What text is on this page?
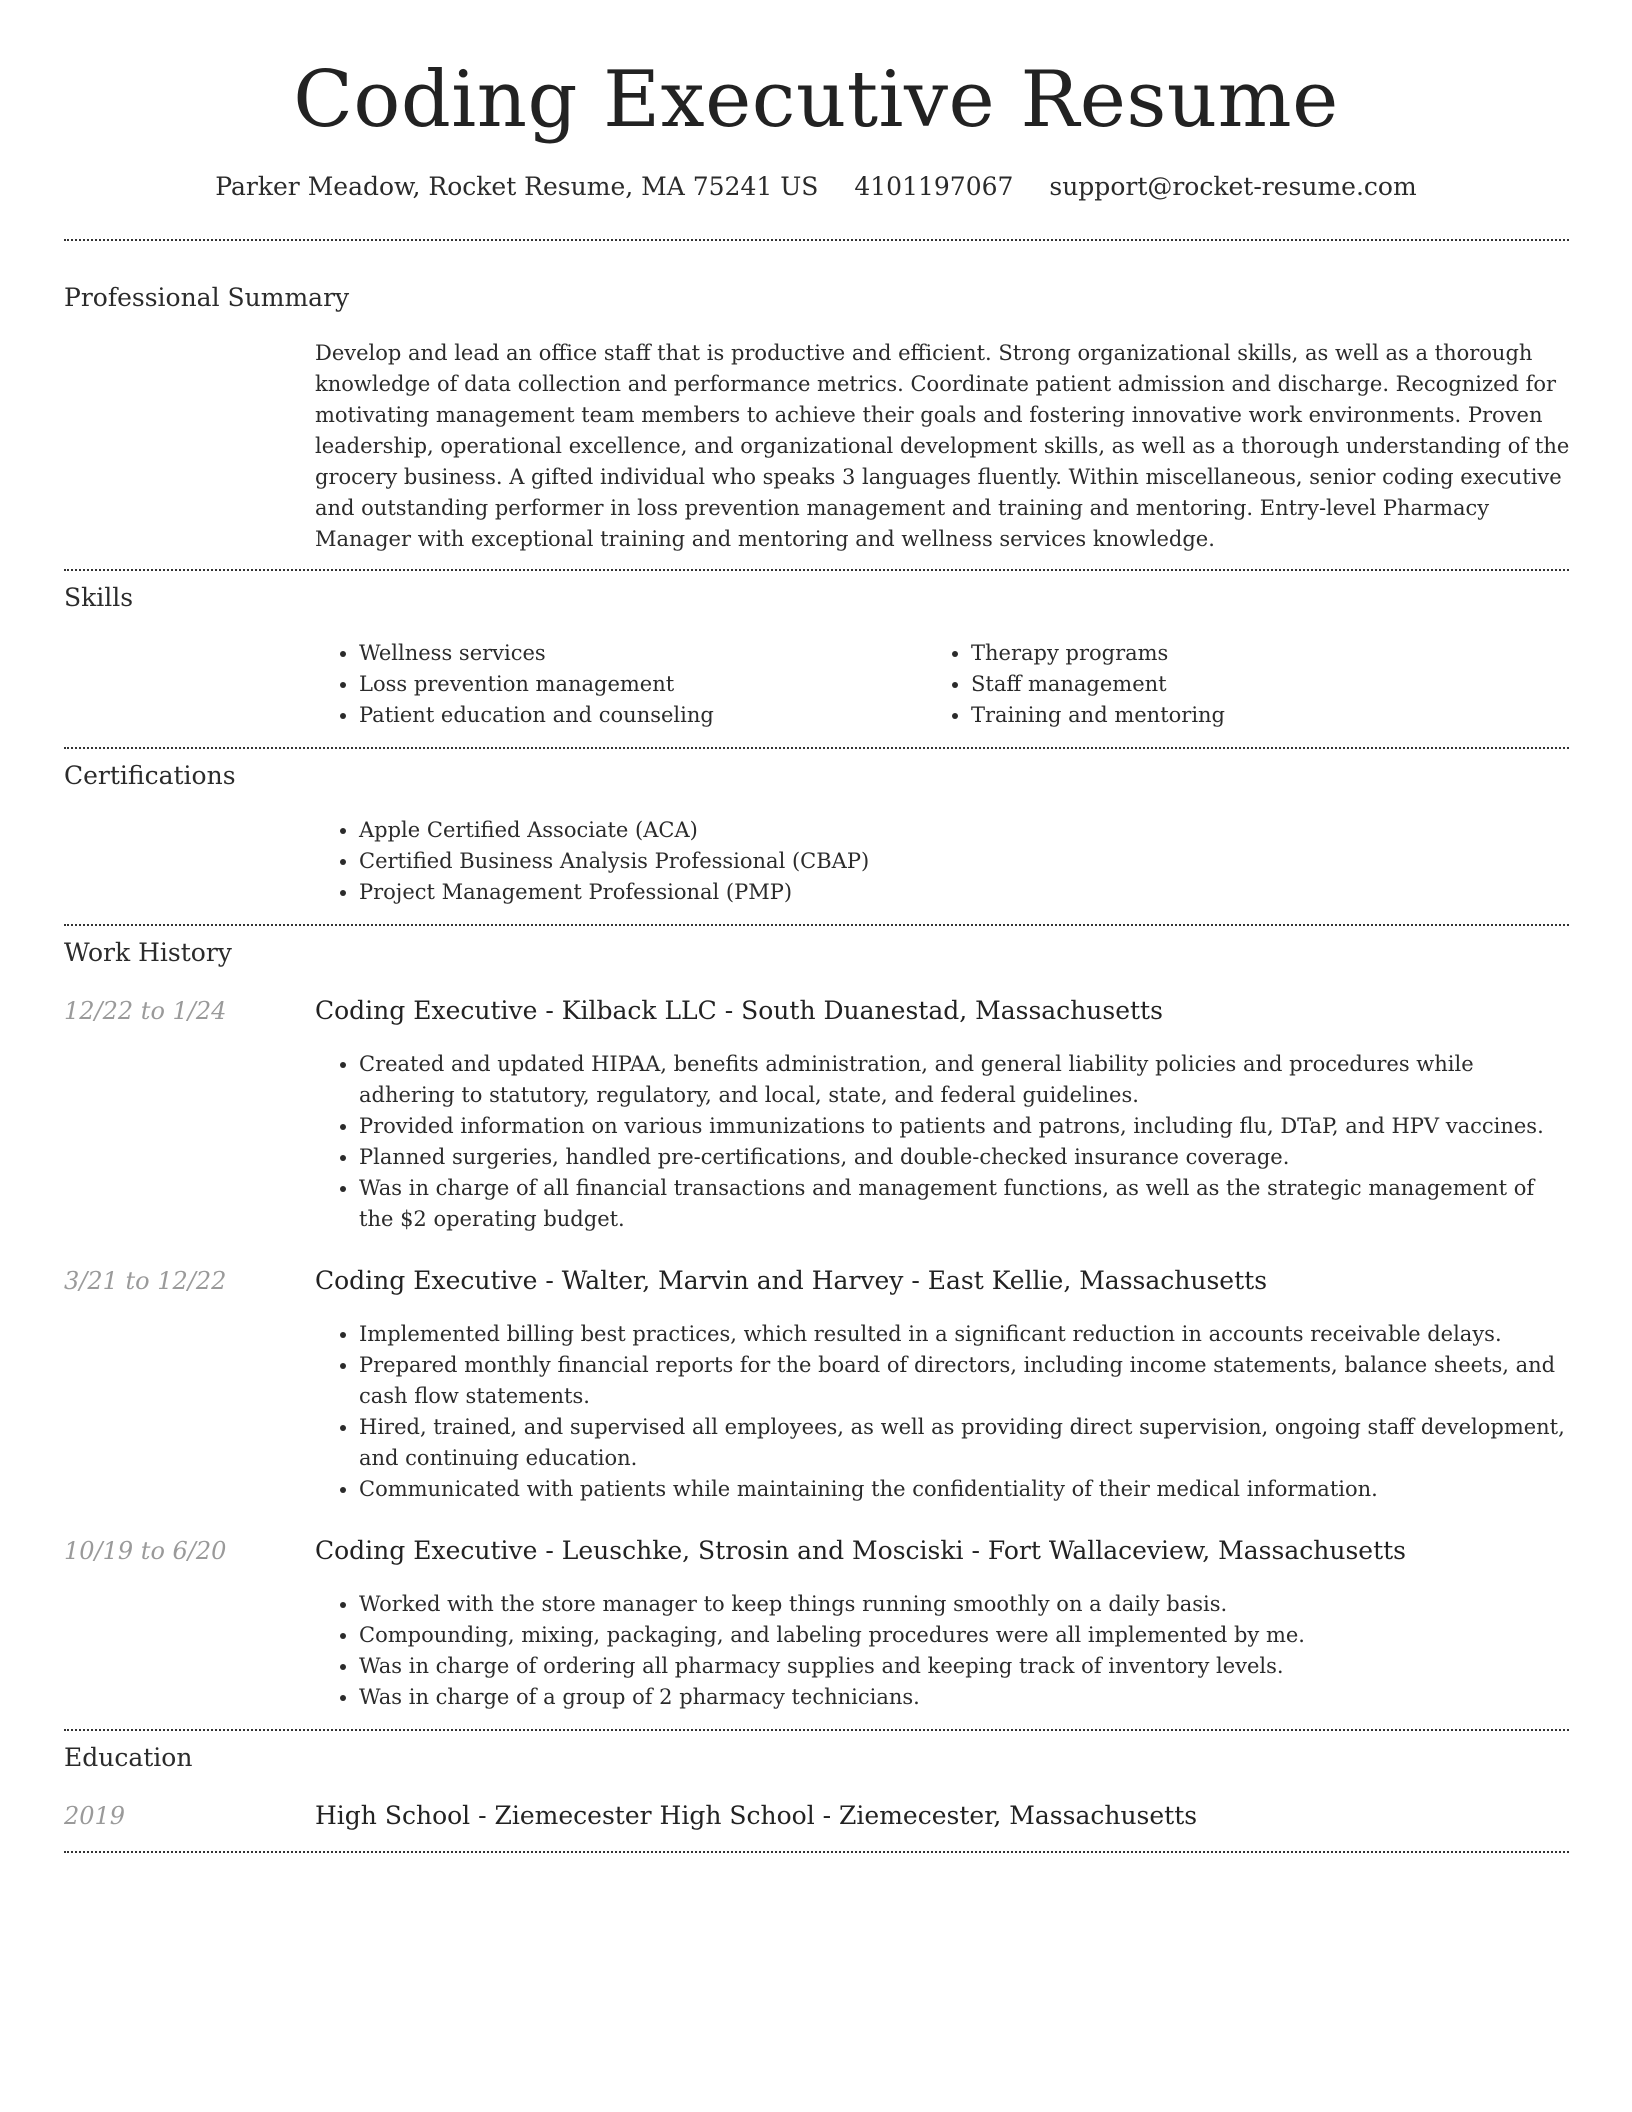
Coding Executive Resume
Parker Meadow, Rocket Resume, MA 75241 US 4101197067 support@rocket-resume.com
Professional Summary
Develop and lead an office staff that is productive and efficient. Strong organizational skills, as well as a thorough knowledge of data collection and performance metrics. Coordinate patient admission and discharge. Recognized for motivating management team members to achieve their goals and fostering innovative work environments. Proven leadership, operational excellence, and organizational development skills, as well as a thorough understanding of the grocery business. A gifted individual who speaks 3 languages fluently. Within miscellaneous, senior coding executive and outstanding performer in loss prevention management and training and mentoring. Entry-level Pharmacy Manager with exceptional training and mentoring and wellness services knowledge.
Skills
• Wellness services
• Loss prevention management
• Patient education and counseling
• Therapy programs
• Staff management
• Training and mentoring
Certifications
• Apple Certified Associate (ACA)
• Certified Business Analysis Professional (CBAP)
• Project Management Professional (PMP)
Work History
12/22 to 1/24	Coding Executive - Kilback LLC - South Duanestad, Massachusetts
• Created and updated HIPAA, benefits administration, and general liability policies and procedures while adhering to statutory, regulatory, and local, state, and federal guidelines.
• Provided information on various immunizations to patients and patrons, including flu, DTaP, and HPV vaccines.
• Planned surgeries, handled pre-certifications, and double-checked insurance coverage.
• Was in charge of all financial transactions and management functions, as well as the strategic management of the $2 operating budget.
3/21 to 12/22	Coding Executive - Walter, Marvin and Harvey - East Kellie, Massachusetts
• Implemented billing best practices, which resulted in a significant reduction in accounts receivable delays.
• Prepared monthly financial reports for the board of directors, including income statements, balance sheets, and cash flow statements.
• Hired, trained, and supervised all employees, as well as providing direct supervision, ongoing staff development, and continuing education.
• Communicated with patients while maintaining the confidentiality of their medical information.
10/19 to 6/20	Coding Executive - Leuschke, Strosin and Mosciski - Fort Wallaceview, Massachusetts
• Worked with the store manager to keep things running smoothly on a daily basis.
• Compounding, mixing, packaging, and labeling procedures were all implemented by me.
• Was in charge of ordering all pharmacy supplies and keeping track of inventory levels.
• Was in charge of a group of 2 pharmacy technicians.
Education
2019	High School - Ziemecester High School - Ziemecester, Massachusetts
